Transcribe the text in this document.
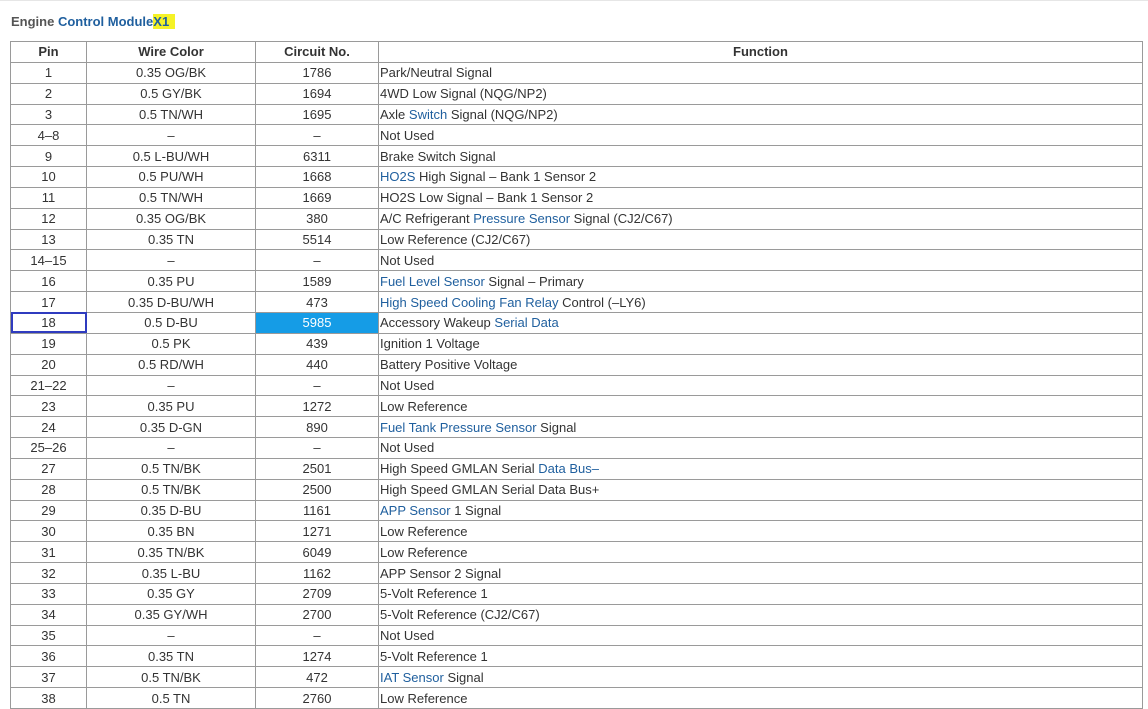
Engine Control ModuleX1
Pin	Wire Color	Circuit No.	Function
1	0.35 OG/BK	1786	Park/Neutral Signal
2	0.5 GY/BK	1694	4WD Low Signal (NQG/NP2)
3	0.5 TN/WH	1695	Axle Switch Signal (NQG/NP2)
4–8	–	–	Not Used
9	0.5 L-BU/WH	6311	Brake Switch Signal
10	0.5 PU/WH	1668	HO2S High Signal – Bank 1 Sensor 2
11	0.5 TN/WH	1669	HO2S Low Signal – Bank 1 Sensor 2
12	0.35 OG/BK	380	A/C Refrigerant Pressure Sensor Signal (CJ2/C67)
13	0.35 TN	5514	Low Reference (CJ2/C67)
14–15	–	–	Not Used
16	0.35 PU	1589	Fuel Level Sensor Signal – Primary
17	0.35 D-BU/WH	473	High Speed Cooling Fan Relay Control (–LY6)
18	0.5 D-BU	5985	Accessory Wakeup Serial Data
19	0.5 PK	439	Ignition 1 Voltage
20	0.5 RD/WH	440	Battery Positive Voltage
21–22	–	–	Not Used
23	0.35 PU	1272	Low Reference
24	0.35 D-GN	890	Fuel Tank Pressure Sensor Signal
25–26	–	–	Not Used
27	0.5 TN/BK	2501	High Speed GMLAN Serial Data Bus–
28	0.5 TN/BK	2500	High Speed GMLAN Serial Data Bus+
29	0.35 D-BU	1161	APP Sensor 1 Signal
30	0.35 BN	1271	Low Reference
31	0.35 TN/BK	6049	Low Reference
32	0.35 L-BU	1162	APP Sensor 2 Signal
33	0.35 GY	2709	5-Volt Reference 1
34	0.35 GY/WH	2700	5-Volt Reference (CJ2/C67)
35	–	–	Not Used
36	0.35 TN	1274	5-Volt Reference 1
37	0.5 TN/BK	472	IAT Sensor Signal
38	0.5 TN	2760	Low Reference
